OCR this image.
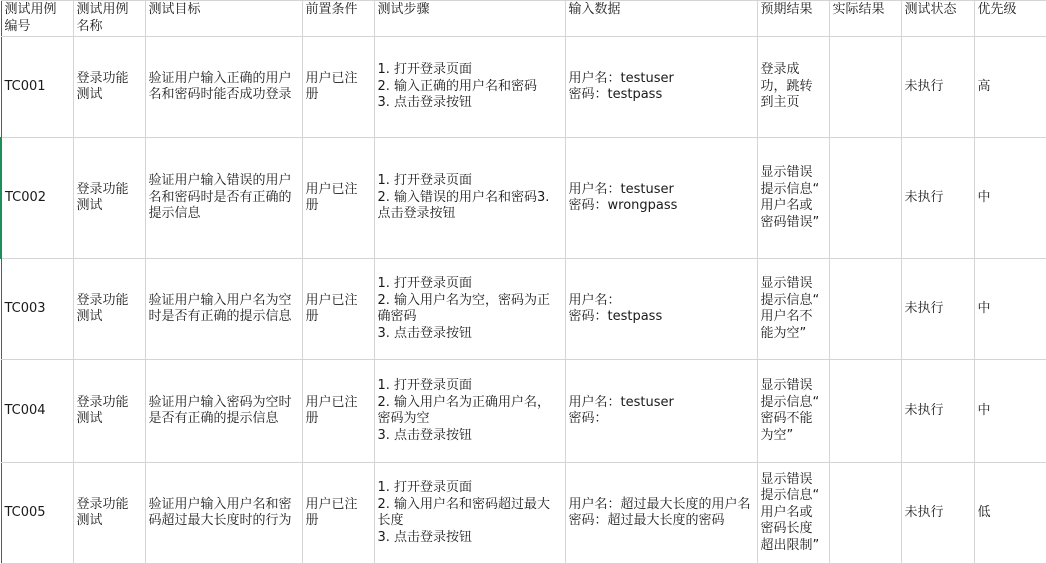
测试用例
编号	测试用例
名称	测试目标	前置条件	测试步骤	输入数据	预期结果	实际结果	测试状态	优先级
TC001	登录功能
测试	验证用户输入正确的用户名和密码时能否成功登录	用户已注
册	1. 打开登录页面
2. 输入正确的用户名和密码
3. 点击登录按钮	用户名：testuser
密码：testpass	登录成
功，跳转
到主页		未执行	高
TC002	登录功能
测试	验证用户输入错误的用户名和密码时是否有正确的提示信息	用户已注
册	1. 打开登录页面
2. 输入错误的用户名和密码3. 点击登录按钮	用户名：testuser
密码：wrongpass	显示错误
提示信息“
用户名或
密码错误”		未执行	中
TC003	登录功能
测试	验证用户输入用户名为空时是否有正确的提示信息	用户已注
册	1. 打开登录页面
2. 输入用户名为空，密码为正确密码
3. 点击登录按钮	用户名：
密码：testpass	显示错误
提示信息“
用户名不
能为空”		未执行	中
TC004	登录功能
测试	验证用户输入密码为空时是否有正确的提示信息	用户已注
册	1. 打开登录页面
2. 输入用户名为正确用户名，密码为空
3. 点击登录按钮	用户名：testuser
密码：	显示错误
提示信息“
密码不能
为空”		未执行	中
TC005	登录功能
测试	验证用户输入用户名和密码超过最大长度时的行为	用户已注
册	1. 打开登录页面
2. 输入用户名和密码超过最大长度
3. 点击登录按钮	用户名：超过最大长度的用户名
密码：超过最大长度的密码	显示错误
提示信息“
用户名或
密码长度
超出限制”		未执行	低
